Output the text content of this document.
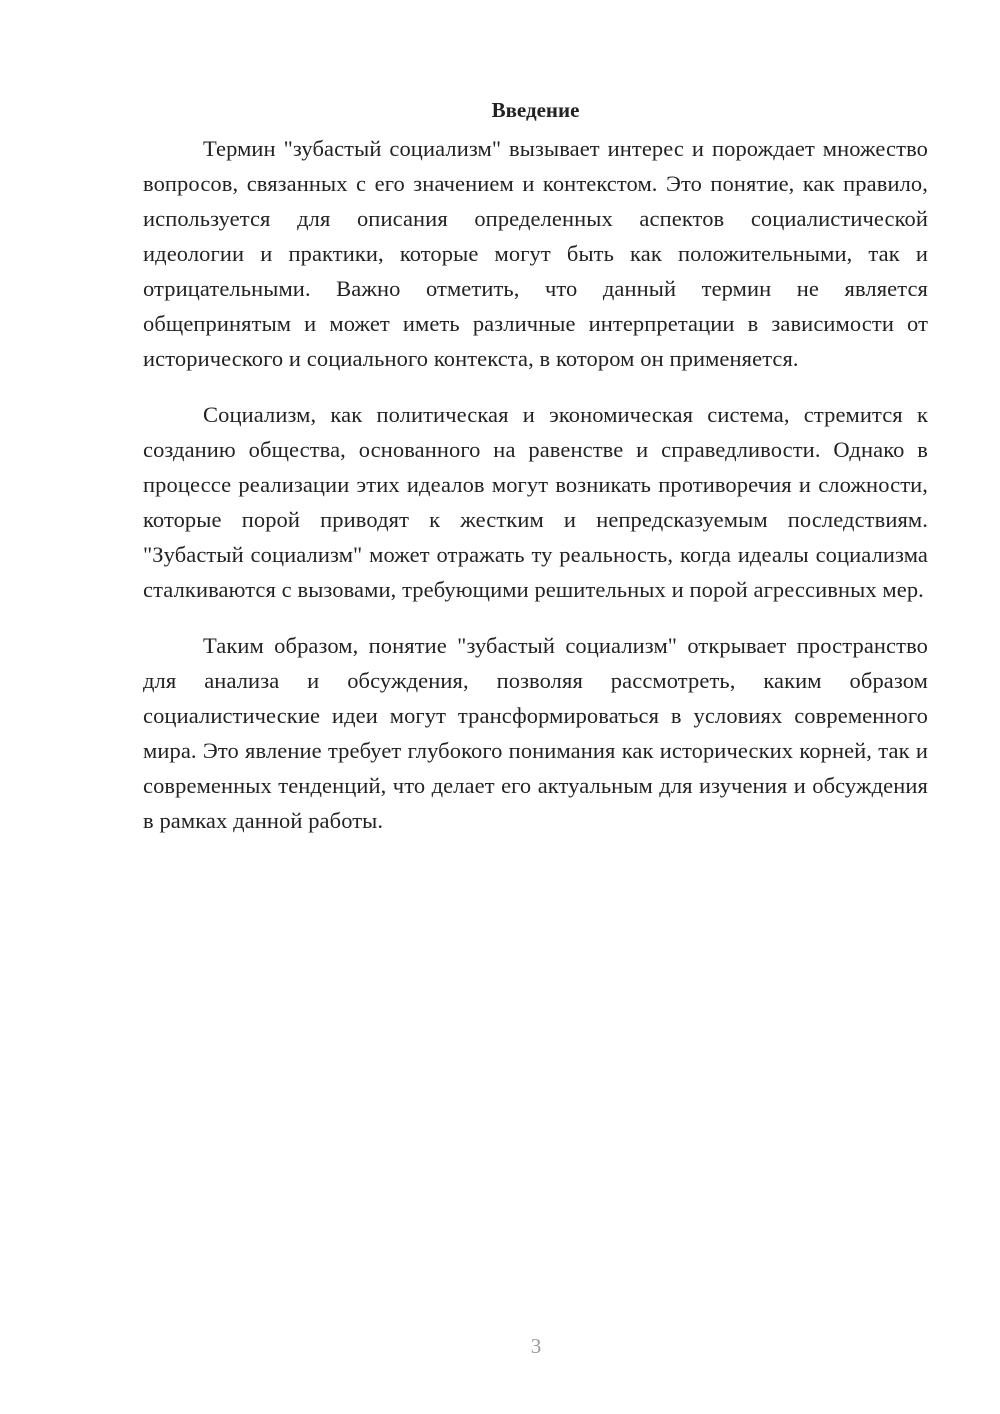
Введение

Термин "зубастый социализм" вызывает интерес и порождает множество вопросов, связанных с его значением и контекстом. Это понятие, как правило, используется для описания определенных аспектов социалистической идеологии и практики, которые могут быть как положительными, так и отрицательными. Важно отметить, что данный термин не является общепринятым и может иметь различные интерпретации в зависимости от исторического и социального контекста, в котором он применяется.

Социализм, как политическая и экономическая система, стремится к созданию общества, основанного на равенстве и справедливости. Однако в процессе реализации этих идеалов могут возникать противоречия и сложности, которые порой приводят к жестким и непредсказуемым последствиям. "Зубастый социализм" может отражать ту реальность, когда идеалы социализма сталкиваются с вызовами, требующими решительных и порой агрессивных мер.

Таким образом, понятие "зубастый социализм" открывает пространство для анализа и обсуждения, позволяя рассмотреть, каким образом социалистические идеи могут трансформироваться в условиях современного мира. Это явление требует глубокого понимания как исторических корней, так и современных тенденций, что делает его актуальным для изучения и обсуждения в рамках данной работы.

3
